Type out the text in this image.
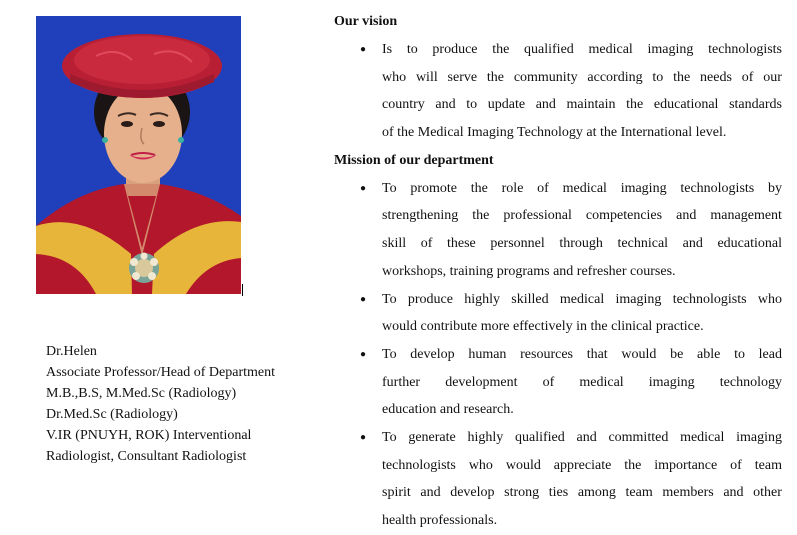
Dr.Helen
Associate Professor/Head of Department
M.B.,B.S, M.Med.Sc (Radiology)
Dr.Med.Sc (Radiology)
V.IR (PNUYH, ROK) Interventional
Radiologist, Consultant Radiologist
Our vision
● Is to produce the qualified medical imaging technologists
who will serve the community according to the needs of our
country and to update and maintain the educational standards
of the Medical Imaging Technology at the International level.
Mission of our department
● To promote the role of medical imaging technologists by
strengthening the professional competencies and management
skill of these personnel through technical and educational
workshops, training programs and refresher courses.
● To produce highly skilled medical imaging technologists who
would contribute more effectively in the clinical practice.
● To develop human resources that would be able to lead
further development of medical imaging technology
education and research.
● To generate highly qualified and committed medical imaging
technologists who would appreciate the importance of team
spirit and develop strong ties among team members and other
health professionals.
